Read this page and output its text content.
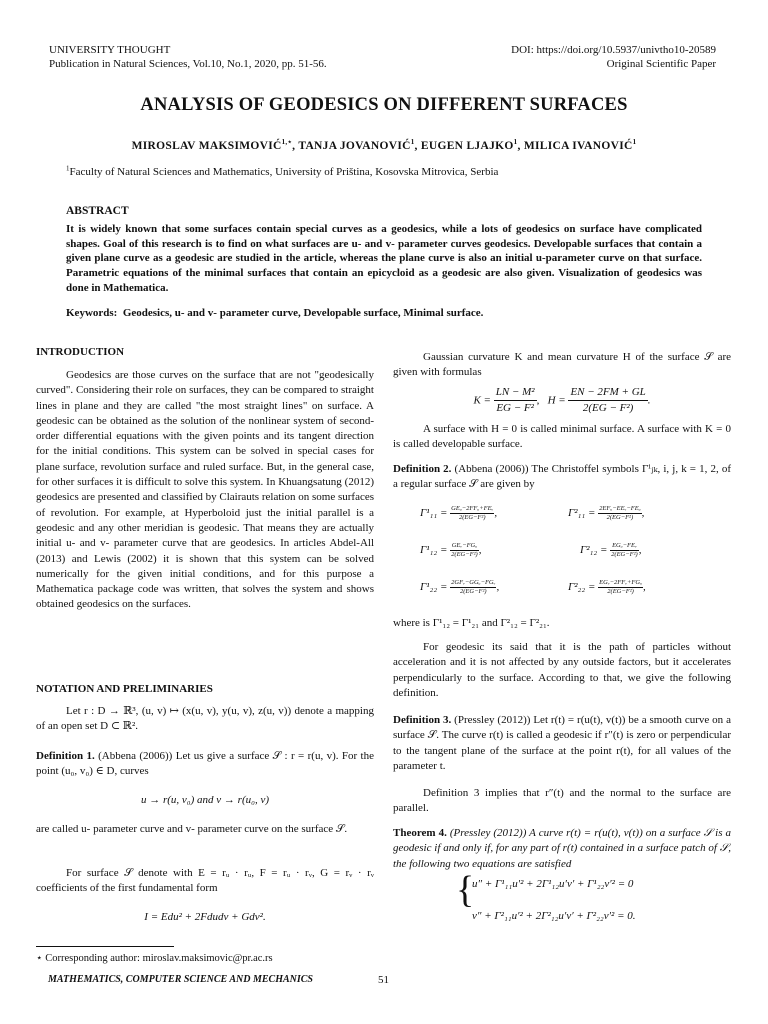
UNIVERSITY THOUGHT
Publication in Natural Sciences, Vol.10, No.1, 2020, pp. 51-56.
DOI: https://doi.org/10.5937/univtho10-20589
Original Scientific Paper
ANALYSIS OF GEODESICS ON DIFFERENT SURFACES
MIROSLAV $MAKSIMOVIĆ^{1,⋆}$, TANJA JOVANOVIĆ$^1$, EUGEN LJAJKO$^1$, MILICA IVANOVIĆ$^1$
$^1$Faculty of Natural Sciences and Mathematics, University of Priština, Kosovska Mitrovica, Serbia
ABSTRACT
It is widely known that some surfaces contain special curves as a geodesics, while a lots of geodesics on surface have complicated shapes. Goal of this research is to find on what surfaces are u- and v- parameter curves geodesics. Developable surfaces that contain a given plane curve as a geodesic are studied in the article, whereas the plane curve is also an initial u-parameter curve on that surface. Parametric equations of the minimal surfaces that contain an epicycloid as a geodesic are also given. Visualization of geodesics was done in Mathematica.
Keywords: Geodesics, u- and v- parameter curve, Developable surface, Minimal surface.
INTRODUCTION
Geodesics are those curves on the surface that are not "geodesically curved". Considering their role on surfaces, they can be compared to straight lines in plane and they are called "the most straight lines" on surface. A geodesic can be obtained as the solution of the nonlinear system of second-order differential equations with the given points and its tangent direction for the initial conditions. This system can be solved in special cases for plane surface, revolution surface and ruled surface. But, in the general case, for other surfaces it is difficult to solve this system. In Khuangsatung (2012) geodesics are presented and classified by Clairauts relation on some surfaces of revolution. For example, at Hyperboloid just the initial parallel is a geodesic and any other meridian is geodesic. That means they are actually initial u- and v- parameter curve that are geodesics. In articles Abdel-All (2013) and Lewis (2002) it is shown that this system can be solved numerically for the given initial conditions, and for this purpose a Mathematica package code was written, that solves the system and shows obtained geodesics on the surfaces.
NOTATION AND PRELIMINARIES
Let r : D → ℝ³, (u, v) ↦ (x(u, v), y(u, v), z(u, v)) denote a mapping of an open set D ⊂ ℝ².
Definition 1. (Abbena (2006)) Let us give a surface 𝒮 : r = r(u, v). For the point (u₀, v₀) ∈ D, curves
u → r(u, v₀) and v → r(u₀, v)
are called u- parameter curve and v- parameter curve on the surface 𝒮.
For surface 𝒮 denote with E = rᵤ · rᵤ, F = rᵤ · rᵥ, G = rᵥ · rᵥ coefficients of the first fundamental form
I = Edu² + 2Fdudv + Gdv².
⋆ Corresponding author: miroslav.maksimovic@pr.ac.rs
MATHEMATICS, COMPUTER SCIENCE AND MECHANICS	51
Gaussian curvature K and mean curvature H of the surface 𝒮 are given with formulas
$K = \frac{\text{LN − M²}}{\text{EG − F²}}$ ,   $H = \frac{EN - 2FM + GL}{\text{2(EG − F²)}}$ .
A surface with H = 0 is called minimal surface. A surface with K = 0 is called developable surface.
Definition 2. (Abbena (2006)) The Christoffel symbols Γⁱⱼₖ, i, j, k = 1, 2, of a regular surface 𝒮 are given by
$\Gamma^1_{11} = \frac{\text{GEᵤ−2FFᵤ+FEᵥ}}{\text{2(EG−F²)}}$ ,	$\Gamma^2_{11} = \frac{\text{2EFᵤ−EEᵥ−FEᵤ}}{\text{2(EG−F²)}}$ ,
$\Gamma^1_{12} = \frac{\text{GEᵥ−FGᵤ}}{\text{2(EG−F²)}}$ ,	$\Gamma^2_{12} = \frac{\text{EGᵤ−FEᵥ}}{\text{2(EG−F²)}}$ ,
$\Gamma^1_{22} = \frac{\text{2GFᵥ−GGᵤ−FGᵥ}}{\text{2(EG−F²)}}$ ,	$\Gamma^2_{22} = \frac{\text{EGᵥ−2FFᵥ+FGᵤ}}{\text{2(EG−F²)}}$ ,
where is Γ¹₁₂ = Γ¹₂₁ and Γ²₁₂ = Γ²₂₁.
For geodesic its said that it is the path of particles without acceleration and it is not affected by any outside factors, but it accelerates perpendicularly to the surface. According to that, we give the following definition.
Definition 3. (Pressley (2012)) Let r(t) = r(u(t), v(t)) be a smooth curve on a surface 𝒮. The curve r(t) is called a geodesic if r″(t) is zero or perpendicular to the tangent plane of the surface at the point r(t), for all values of the parameter t.
Definition 3 implies that r″(t) and the normal to the surface are parallel.
Theorem 4. (Pressley (2012)) A curve r(t) = r(u(t), v(t)) on a surface 𝒮 is a geodesic if and only if, for any part of r(t) contained in a surface patch of 𝒮, the following two equations are satisfied
{
u″ + Γ¹₁₁u′² + 2Γ¹₁₂u′v′ + Γ¹₂₂v′² = 0
v″ + Γ²₁₁u′² + 2Γ²₁₂u′v′ + Γ²₂₂v′² = 0.
